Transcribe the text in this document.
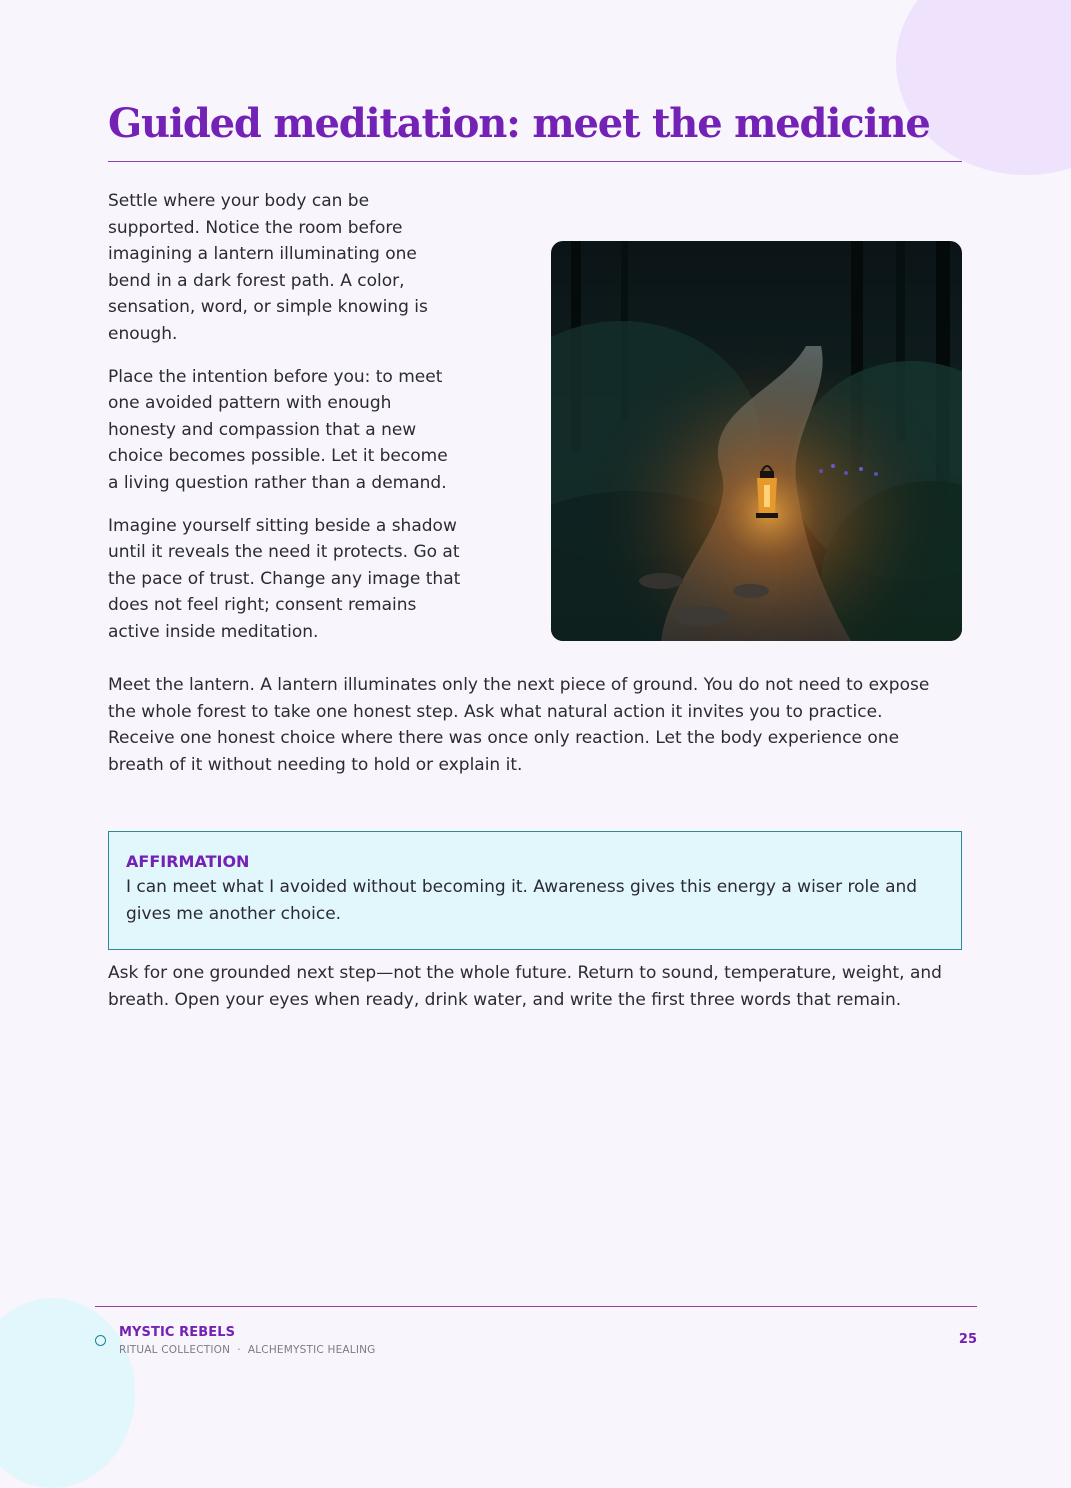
Guided meditation: meet the medicine

Settle where your body can be supported. Notice the room before imagining a lantern illuminating one bend in a dark forest path. A color, sensation, word, or simple knowing is enough.

Place the intention before you: to meet one avoided pattern with enough honesty and compassion that a new choice becomes possible. Let it become a living question rather than a demand.

Imagine yourself sitting beside a shadow until it reveals the need it protects. Go at the pace of trust. Change any image that does not feel right; consent remains active inside meditation.

Meet the lantern. A lantern illuminates only the next piece of ground. You do not need to expose the whole forest to take one honest step. Ask what natural action it invites you to practice.

Receive one honest choice where there was once only reaction. Let the body experience one breath of it without needing to hold or explain it.

AFFIRMATION
I can meet what I avoided without becoming it. Awareness gives this energy a wiser role and gives me another choice.
Ask for one grounded next step—not the whole future. Return to sound, temperature, weight, and breath. Open your eyes when ready, drink water, and write the first three words that remain.
MYSTIC REBELS
RITUAL COLLECTION · ALCHEMYSTIC HEALING
25
